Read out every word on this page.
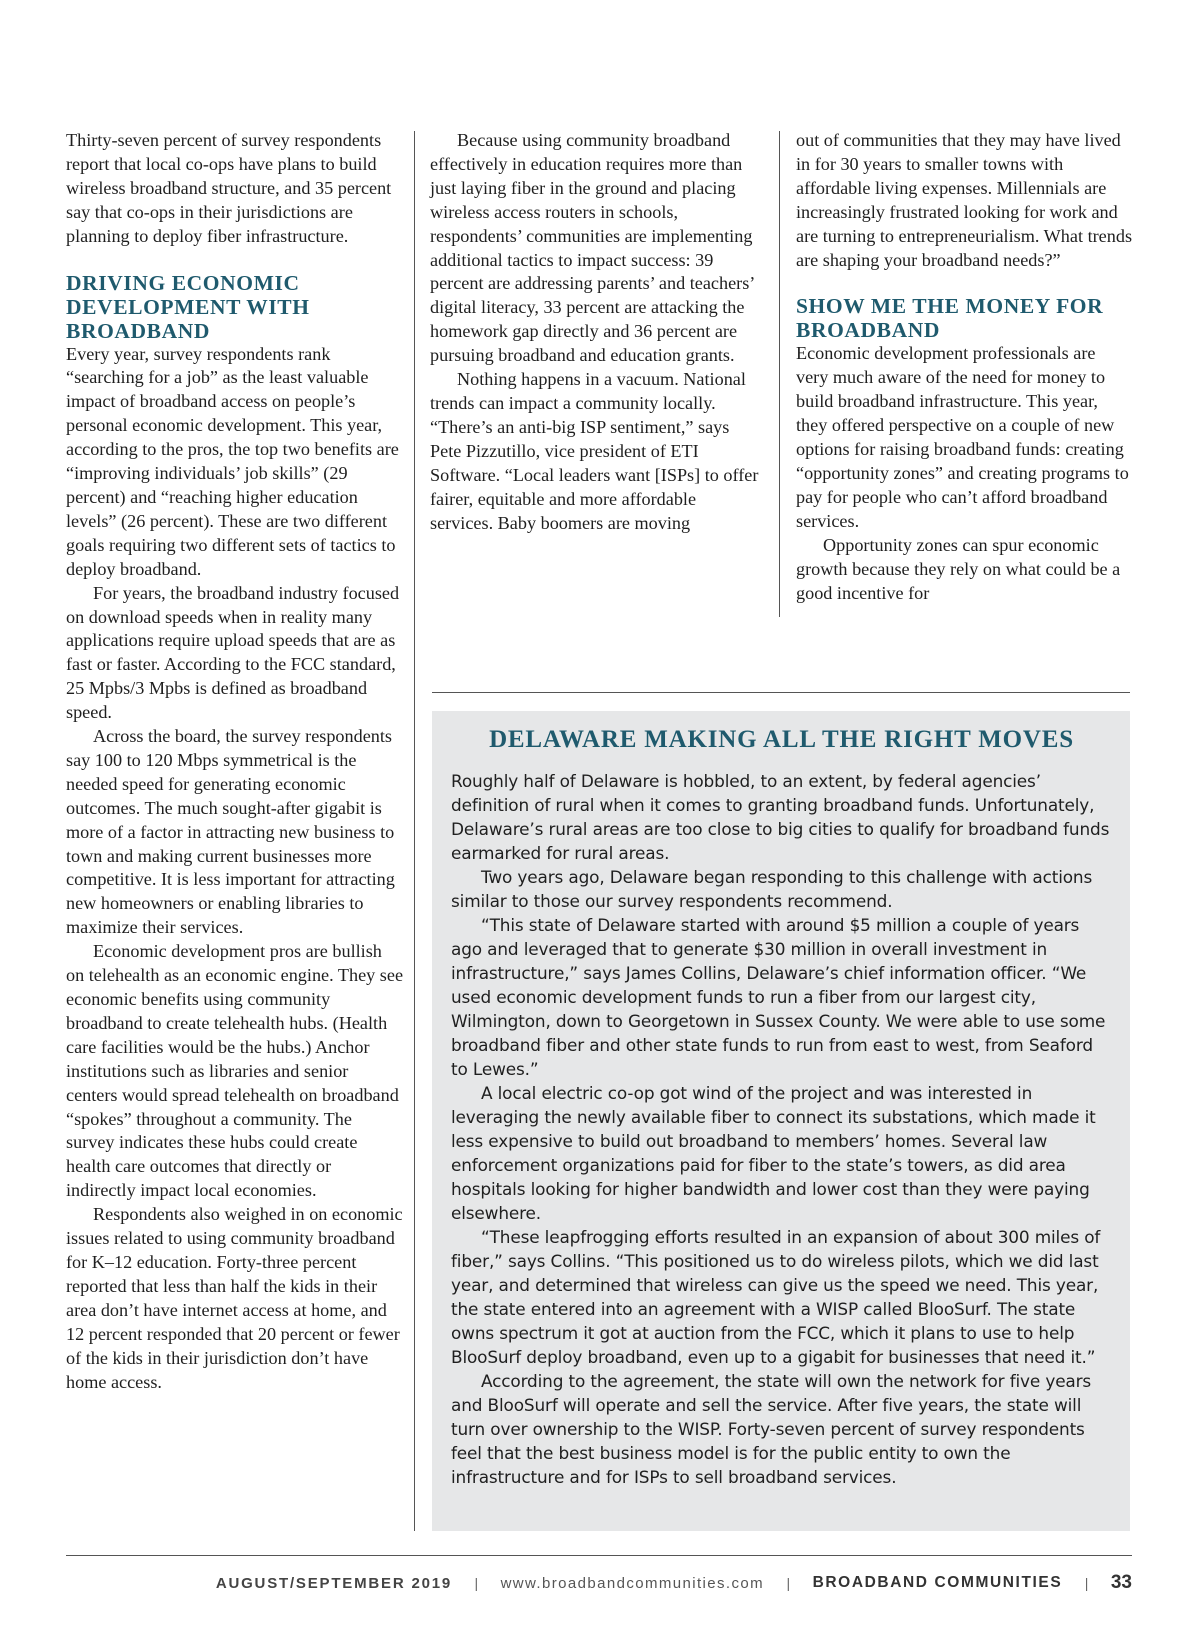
Thirty-seven percent of survey respondents report that local co-ops have plans to build wireless broadband structure, and 35 percent say that co-ops in their jurisdictions are planning to deploy fiber infrastructure.

DRIVING ECONOMIC DEVELOPMENT WITH BROADBAND

Every year, survey respondents rank “searching for a job” as the least valuable impact of broadband access on people’s personal economic development. This year, according to the pros, the top two benefits are “improving individuals’ job skills” (29 percent) and “reaching higher education levels” (26 percent). These are two different goals requiring two different sets of tactics to deploy broadband.

For years, the broadband industry focused on download speeds when in reality many applications require upload speeds that are as fast or faster. According to the FCC standard, 25 Mpbs/3 Mpbs is defined as broadband speed.

Across the board, the survey respondents say 100 to 120 Mbps symmetrical is the needed speed for generating economic outcomes. The much sought-after gigabit is more of a factor in attracting new business to town and making current businesses more competitive. It is less important for attracting new homeowners or enabling libraries to maximize their services.

Economic development pros are bullish on telehealth as an economic engine. They see economic benefits using community broadband to create telehealth hubs. (Health care facilities would be the hubs.) Anchor institutions such as libraries and senior centers would spread telehealth on broadband “spokes” throughout a community. The survey indicates these hubs could create health care outcomes that directly or indirectly impact local economies.

Respondents also weighed in on economic issues related to using community broadband for K–12 education. Forty-three percent reported that less than half the kids in their area don’t have internet access at home, and 12 percent responded that 20 percent or fewer of the kids in their jurisdiction don’t have home access.

Because using community broadband effectively in education requires more than just laying fiber in the ground and placing wireless access routers in schools, respondents’ communities are implementing additional tactics to impact success: 39 percent are addressing parents’ and teachers’ digital literacy, 33 percent are attacking the homework gap directly and 36 percent are pursuing broadband and education grants.

Nothing happens in a vacuum. National trends can impact a community locally. “There’s an anti-big ISP sentiment,” says Pete Pizzutillo, vice president of ETI Software. “Local leaders want [ISPs] to offer fairer, equitable and more affordable services. Baby boomers are moving

out of communities that they may have lived in for 30 years to smaller towns with affordable living expenses. Millennials are increasingly frustrated looking for work and are turning to entrepreneurialism. What trends are shaping your broadband needs?”

SHOW ME THE MONEY FOR BROADBAND

Economic development professionals are very much aware of the need for money to build broadband infrastructure. This year, they offered perspective on a couple of new options for raising broadband funds: creating “opportunity zones” and creating programs to pay for people who can’t afford broadband services.

Opportunity zones can spur economic growth because they rely on what could be a good incentive for

DELAWARE MAKING ALL THE RIGHT MOVES

Roughly half of Delaware is hobbled, to an extent, by federal agencies’ definition of rural when it comes to granting broadband funds. Unfortunately, Delaware’s rural areas are too close to big cities to qualify for broadband funds earmarked for rural areas.

Two years ago, Delaware began responding to this challenge with actions similar to those our survey respondents recommend.

“This state of Delaware started with around $5 million a couple of years ago and leveraged that to generate $30 million in overall investment in infrastructure,” says James Collins, Delaware’s chief information officer. “We used economic development funds to run a fiber from our largest city, Wilmington, down to Georgetown in Sussex County. We were able to use some broadband fiber and other state funds to run from east to west, from Seaford to Lewes.”

A local electric co-op got wind of the project and was interested in leveraging the newly available fiber to connect its substations, which made it less expensive to build out broadband to members’ homes. Several law enforcement organizations paid for fiber to the state’s towers, as did area hospitals looking for higher bandwidth and lower cost than they were paying elsewhere.

“These leapfrogging efforts resulted in an expansion of about 300 miles of fiber,” says Collins. “This positioned us to do wireless pilots, which we did last year, and determined that wireless can give us the speed we need. This year, the state entered into an agreement with a WISP called BlooSurf. The state owns spectrum it got at auction from the FCC, which it plans to use to help BlooSurf deploy broadband, even up to a gigabit for businesses that need it.”

According to the agreement, the state will own the network for five years and BlooSurf will operate and sell the service. After five years, the state will turn over ownership to the WISP. Forty-seven percent of survey respondents feel that the best business model is for the public entity to own the infrastructure and for ISPs to sell broadband services.

AUGUST/SEPTEMBER 2019 | www.broadbandcommunities.com | BROADBAND COMMUNITIES | 33
